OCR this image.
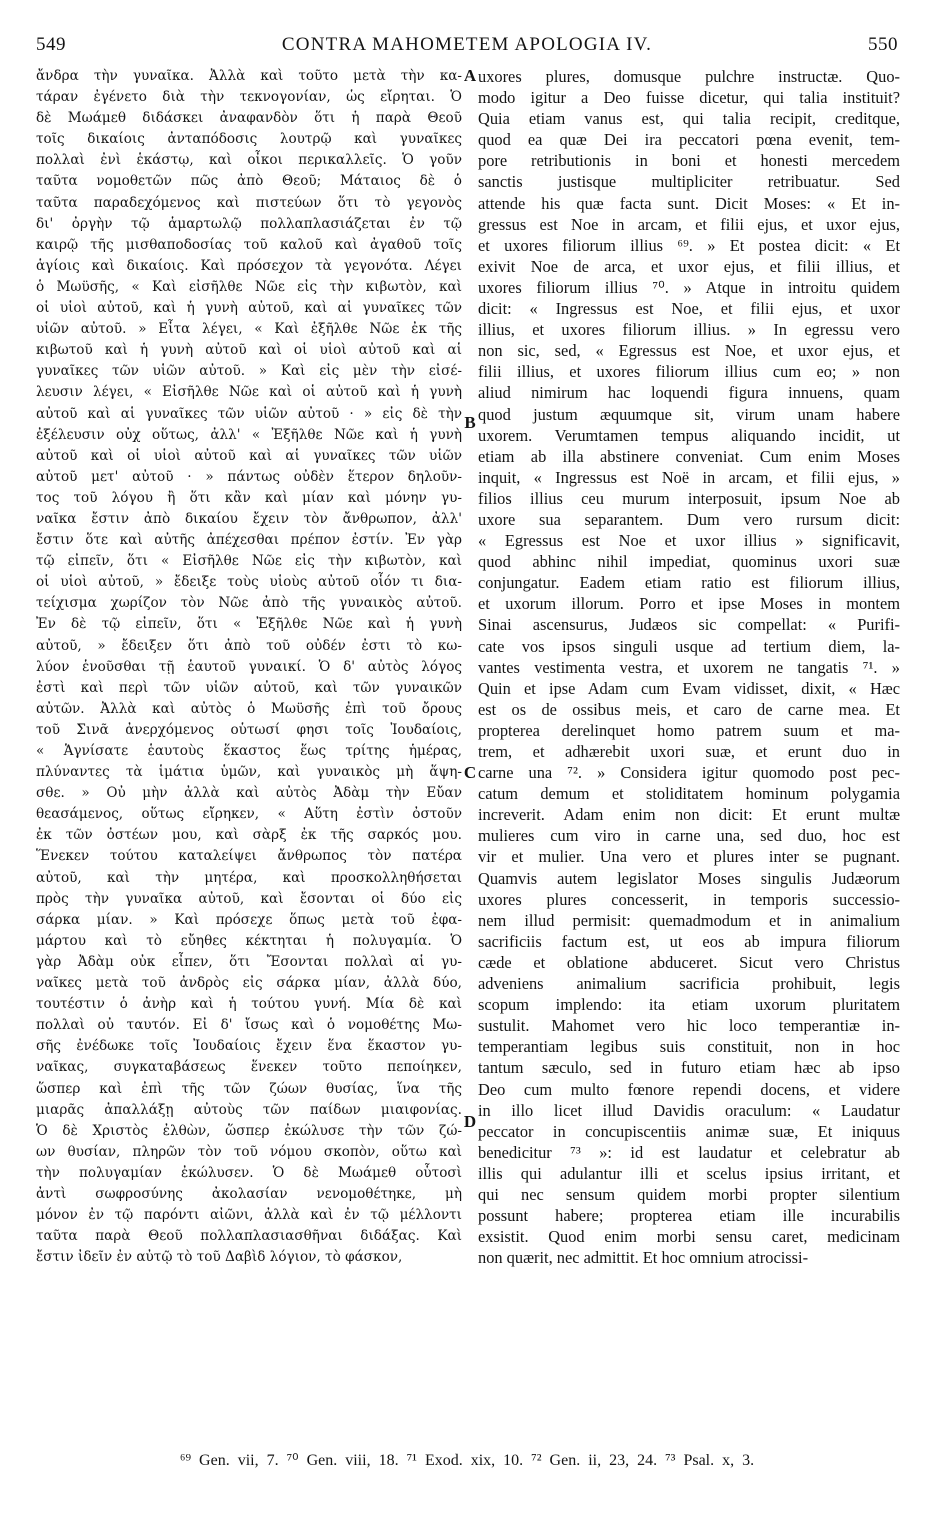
549	CONTRA MAHOMETEM APOLOGIA IV.	550
ἄνδρα τὴν γυναῖκα. Ἀλλὰ καὶ τοῦτο μετὰ τὴν κα-
τάραν ἐγένετο διὰ τὴν τεκνογονίαν, ὡς εἴρηται. Ὁ
δὲ Μωάμεθ διδάσκει ἀναφανδὸν ὅτι ἡ παρὰ Θεοῦ
τοῖς δικαίοις ἀνταπόδοσις λουτρῷ καὶ γυναῖκες
πολλαὶ ἐνὶ ἑκάστῳ, καὶ οἶκοι περικαλλεῖς. Ὁ γοῦν
ταῦτα νομοθετῶν πῶς ἀπὸ Θεοῦ; Μάταιος δὲ ὁ
ταῦτα παραδεχόμενος καὶ πιστεύων ὅτι τὸ γεγονὸς
δι' ὀργὴν τῷ ἁμαρτωλῷ πολλαπλασιάζεται ἐν τῷ
καιρῷ τῆς μισθαποδοσίας τοῦ καλοῦ καὶ ἀγαθοῦ τοῖς
ἁγίοις καὶ δικαίοις. Καὶ πρόσεχον τὰ γεγονότα. Λέγει
ὁ Μωϋσῆς, « Καὶ εἰσῆλθε Νῶε εἰς τὴν κιβωτὸν, καὶ
οἱ υἱοὶ αὐτοῦ, καὶ ἡ γυνὴ αὐτοῦ, καὶ αἱ γυναῖκες τῶν
υἱῶν αὐτοῦ. » Εἶτα λέγει, « Καὶ ἐξῆλθε Νῶε ἐκ τῆς
κιβωτοῦ καὶ ἡ γυνὴ αὐτοῦ καὶ οἱ υἱοὶ αὐτοῦ καὶ αἱ
γυναῖκες τῶν υἱῶν αὐτοῦ. » Καὶ εἰς μὲν τὴν εἰσέ-
λευσιν λέγει, « Εἰσῆλθε Νῶε καὶ οἱ αὐτοῦ καὶ ἡ γυνὴ
αὐτοῦ καὶ αἱ γυναῖκες τῶν υἱῶν αὐτοῦ · » εἰς δὲ τὴν
ἐξέλευσιν οὐχ οὕτως, ἀλλ' « Ἐξῆλθε Νῶε καὶ ἡ γυνὴ
αὐτοῦ καὶ οἱ υἱοὶ αὐτοῦ καὶ αἱ γυναῖκες τῶν υἱῶν
αὐτοῦ μετ' αὐτοῦ · » πάντως οὐδὲν ἕτερον δηλοῦν-
τος τοῦ λόγου ἢ ὅτι κἂν καὶ μίαν καὶ μόνην γυ-
ναῖκα ἔστιν ἀπὸ δικαίου ἔχειν τὸν ἄνθρωπον, ἀλλ'
ἔστιν ὅτε καὶ αὐτῆς ἀπέχεσθαι πρέπον ἐστίν. Ἐν γὰρ
τῷ εἰπεῖν, ὅτι « Εἰσῆλθε Νῶε εἰς τὴν κιβωτὸν, καὶ
οἱ υἱοὶ αὐτοῦ, » ἔδειξε τοὺς υἱοὺς αὐτοῦ οἷόν τι δια-
τείχισμα χωρίζον τὸν Νῶε ἀπὸ τῆς γυναικὸς αὐτοῦ.
Ἐν δὲ τῷ εἰπεῖν, ὅτι « Ἐξῆλθε Νῶε καὶ ἡ γυνὴ
αὐτοῦ, » ἔδειξεν ὅτι ἀπὸ τοῦ οὐδέν ἐστι τὸ κω-
λύον ἑνοῦσθαι τῇ ἑαυτοῦ γυναικί. Ὁ δ' αὐτὸς λόγος
ἐστὶ καὶ περὶ τῶν υἱῶν αὐτοῦ, καὶ τῶν γυναικῶν
αὐτῶν. Ἀλλὰ καὶ αὐτὸς ὁ Μωϋσῆς ἐπὶ τοῦ ὄρους
τοῦ Σινᾶ ἀνερχόμενος οὑτωσί φησι τοῖς Ἰουδαίοις,
« Ἁγνίσατε ἑαυτοὺς ἕκαστος ἕως τρίτης ἡμέρας,
πλύναντες τὰ ἱμάτια ὑμῶν, καὶ γυναικὸς μὴ ἅψη-
σθε. » Οὐ μὴν ἀλλὰ καὶ αὐτὸς Ἀδὰμ τὴν Εὔαν
θεασάμενος, οὕτως εἴρηκεν, « Αὕτη ἐστὶν ὀστοῦν
ἐκ τῶν ὀστέων μου, καὶ σὰρξ ἐκ τῆς σαρκός μου.
Ἕνεκεν τούτου καταλείψει ἄνθρωπος τὸν πατέρα
αὐτοῦ, καὶ τὴν μητέρα, καὶ προσκολληθήσεται
πρὸς τὴν γυναῖκα αὐτοῦ, καὶ ἔσονται οἱ δύο εἰς
σάρκα μίαν. » Καὶ πρόσεχε ὅπως μετὰ τοῦ ἐφα-
μάρτου καὶ τὸ εὔηθες κέκτηται ἡ πολυγαμία. Ὁ
γὰρ Ἀδὰμ οὐκ εἶπεν, ὅτι Ἔσονται πολλαὶ αἱ γυ-
ναῖκες μετὰ τοῦ ἀνδρὸς εἰς σάρκα μίαν, ἀλλὰ δύο,
τουτέστιν ὁ ἀνὴρ καὶ ἡ τούτου γυνή. Μία δὲ καὶ
πολλαὶ οὐ ταυτόν. Εἰ δ' ἴσως καὶ ὁ νομοθέτης Μω-
σῆς ἐνέδωκε τοῖς Ἰουδαίοις ἔχειν ἕνα ἕκαστον γυ-
ναῖκας, συγκαταβάσεως ἕνεκεν τοῦτο πεποίηκεν,
ὥσπερ καὶ ἐπὶ τῆς τῶν ζώων θυσίας, ἵνα τῆς
μιαρᾶς ἀπαλλάξῃ αὐτοὺς τῶν παίδων μιαιφονίας.
Ὁ δὲ Χριστὸς ἐλθὼν, ὥσπερ ἐκώλυσε τὴν τῶν ζώ-
ων θυσίαν, πληρῶν τὸν τοῦ νόμου σκοπὸν, οὕτω καὶ
τὴν πολυγαμίαν ἐκώλυσεν. Ὁ δὲ Μωάμεθ οὗτοσὶ
ἀντὶ σωφροσύνης ἀκολασίαν νενομοθέτηκε, μὴ
μόνον ἐν τῷ παρόντι αἰῶνι, ἀλλὰ καὶ ἐν τῷ μέλλοντι
ταῦτα παρὰ Θεοῦ πολλαπλασιασθῆναι διδάξας. Καὶ
ἔστιν ἰδεῖν ἐν αὐτῷ τὸ τοῦ Δαβὶδ λόγιον, τὸ φάσκον,
uxores plures, domusque pulchre instructæ. Quo-
modo igitur a Deo fuisse dicetur, qui talia instituit?
Quia etiam vanus est, qui talia recipit, creditque,
quod ea quæ Dei ira peccatori pœna evenit, tem-
pore retributionis in boni et honesti mercedem
sanctis justisque multipliciter retribuatur. Sed
attende his quæ facta sunt. Dicit Moses: « Et in-
gressus est Noe in arcam, et filii ejus, et uxor ejus,
et uxores filiorum illius ⁶⁹. » Et postea dicit: « Et
exivit Noe de arca, et uxor ejus, et filii illius, et
uxores filiorum illius ⁷⁰. » Atque in introitu quidem
dicit: « Ingressus est Noe, et filii ejus, et uxor
illius, et uxores filiorum illius. » In egressu vero
non sic, sed, « Egressus est Noe, et uxor ejus, et
filii illius, et uxores filiorum illius cum eo; » non
aliud nimirum hac loquendi figura innuens, quam
quod justum æquumque sit, virum unam habere
uxorem. Verumtamen tempus aliquando incidit, ut
etiam ab illa abstinere conveniat. Cum enim Moses
inquit, « Ingressus est Noë in arcam, et filii ejus, »
filios illius ceu murum interposuit, ipsum Noe ab
uxore sua separantem. Dum vero rursum dicit:
« Egressus est Noe et uxor illius » significavit,
quod abhinc nihil impediat, quominus uxori suæ
conjungatur. Eadem etiam ratio est filiorum illius,
et uxorum illorum. Porro et ipse Moses in montem
Sinai ascensurus, Judæos sic compellat: « Purifi-
cate vos ipsos singuli usque ad tertium diem, la-
vantes vestimenta vestra, et uxorem ne tangatis ⁷¹. »
Quin et ipse Adam cum Evam vidisset, dixit, « Hæc
est os de ossibus meis, et caro de carne mea. Et
propterea derelinquet homo patrem suum et ma-
trem, et adhærebit uxori suæ, et erunt duo in
carne una ⁷². » Considera igitur quomodo post pec-
catum demum et stoliditatem hominum polygamia
increverit. Adam enim non dicit: Et erunt multæ
mulieres cum viro in carne una, sed duo, hoc est
vir et mulier. Una vero et plures inter se pugnant.
Quamvis autem legislator Moses singulis Judæorum
uxores plures concesserit, in temporis successio-
nem illud permisit: quemadmodum et in animalium
sacrificiis factum est, ut eos ab impura filiorum
cæde et oblatione abduceret. Sicut vero Christus
adveniens animalium sacrificia prohibuit, legis
scopum implendo: ita etiam uxorum pluritatem
sustulit. Mahomet vero hic loco temperantiæ in-
temperantiam legibus suis constituit, non in hoc
tantum sæculo, sed in futuro etiam hæc ab ipso
Deo cum multo fœnore rependi docens, et videre
in illo licet illud Davidis oraculum: « Laudatur
peccator in concupiscentiis animæ suæ, Et iniquus
benedicitur ⁷³ »: id est laudatur et celebratur ab
illis qui adulantur illi et scelus ipsius irritant, et
qui nec sensum quidem morbi propter silentium
possunt habere; propterea etiam ille incurabilis
exsistit. Quod enim morbi sensu caret, medicinam
non quærit, nec admittit. Et hoc omnium atrocissi-
A
B
C
D
⁶⁹ Gen. vii, 7. ⁷⁰ Gen. viii, 18. ⁷¹ Exod. xix, 10. ⁷² Gen. ii, 23, 24. ⁷³ Psal. x, 3.
